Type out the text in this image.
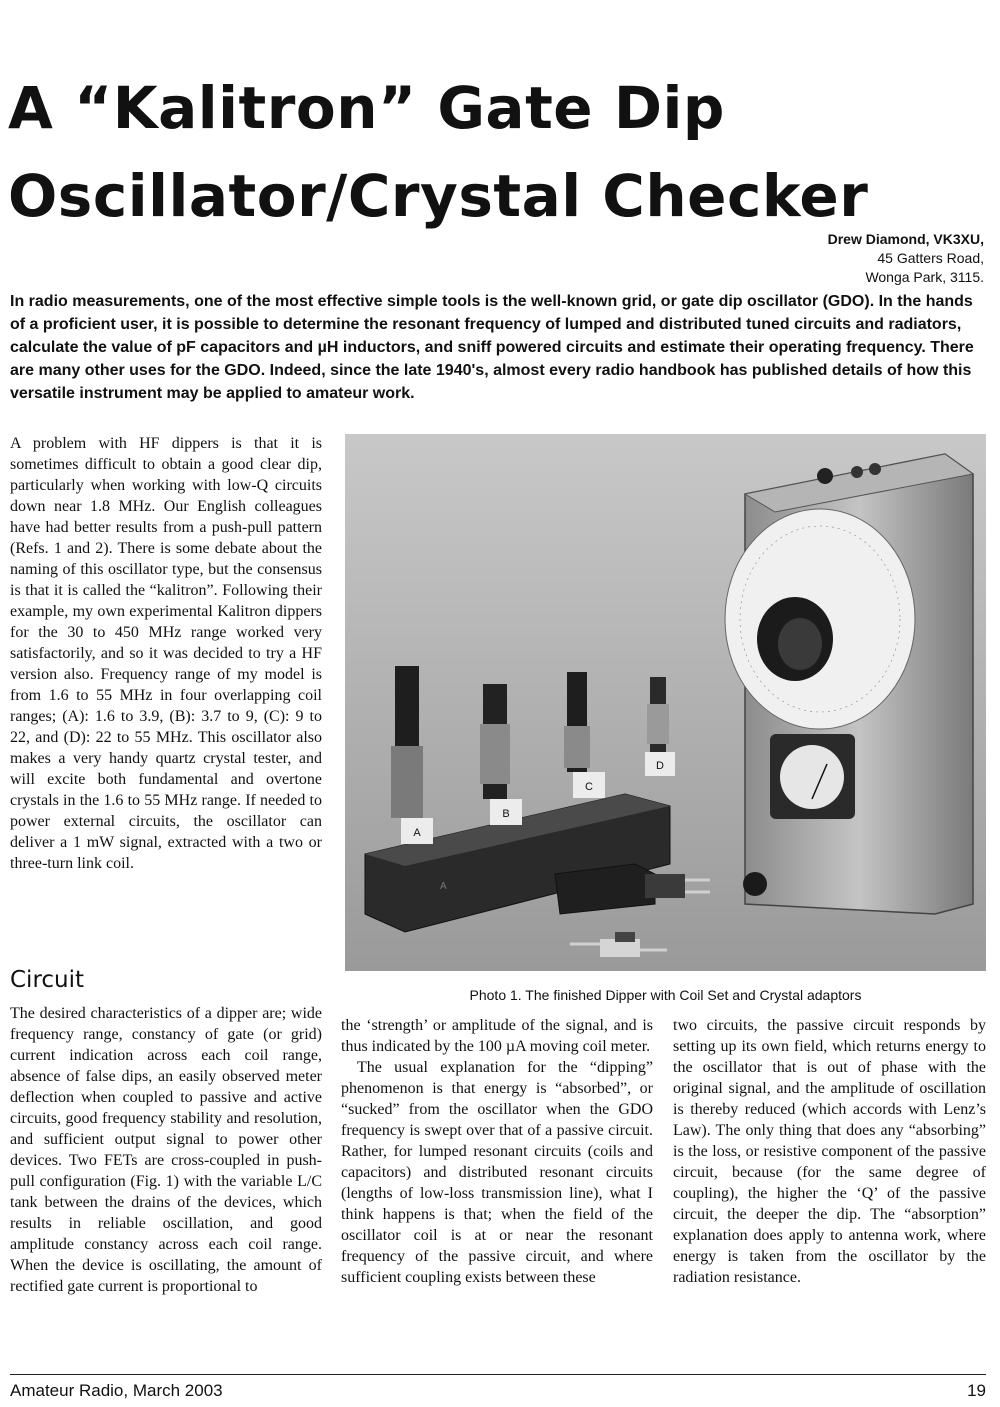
A “Kalitron” Gate Dip
Oscillator/Crystal Checker
Drew Diamond, VK3XU,
45 Gatters Road,
Wonga Park, 3115.

In radio measurements, one of the most effective simple tools is the well-known grid, or gate dip oscillator (GDO). In the hands of a proficient user, it is possible to determine the resonant frequency of lumped and distributed tuned circuits and radiators, calculate the value of pF capacitors and µH inductors, and sniff powered circuits and estimate their operating frequency. There are many other uses for the GDO. Indeed, since the late 1940's, almost every radio handbook has published details of how this versatile instrument may be applied to amateur work.

A problem with HF dippers is that it is sometimes difficult to obtain a good clear dip, particularly when working with low-Q circuits down near 1.8 MHz. Our English colleagues have had better results from a push-pull pattern (Refs. 1 and 2). There is some debate about the naming of this oscillator type, but the consensus is that it is called the “kalitron”. Following their example, my own experimental Kalitron dippers for the 30 to 450 MHz range worked very satisfactorily, and so it was decided to try a HF version also. Frequency range of my model is from 1.6 to 55 MHz in four overlapping coil ranges; (A): 1.6 to 3.9, (B): 3.7 to 9, (C): 9 to 22, and (D): 22 to 55 MHz. This oscillator also makes a very handy quartz crystal tester, and will excite both fundamental and overtone crystals in the 1.6 to 55 MHz range. If needed to power external circuits, the oscillator can deliver a 1 mW signal, extracted with a two or three-turn link coil.

Circuit

The desired characteristics of a dipper are; wide frequency range, constancy of gate (or grid) current indication across each coil range, absence of false dips, an easily observed meter deflection when coupled to passive and active circuits, good frequency stability and resolution, and sufficient output signal to power other devices. Two FETs are cross-coupled in push-pull configuration (Fig. 1) with the variable L/C tank between the drains of the devices, which results in reliable oscillation, and good amplitude constancy across each coil range. When the device is oscillating, the amount of rectified gate current is proportional to

the ‘strength’ or amplitude of the signal, and is thus indicated by the 100 µA moving coil meter.

The usual explanation for the “dipping” phenomenon is that energy is “absorbed”, or “sucked” from the oscillator when the GDO frequency is swept over that of a passive circuit. Rather, for lumped resonant circuits (coils and capacitors) and distributed resonant circuits (lengths of low-loss transmission line), what I think happens is that; when the field of the oscillator coil is at or near the resonant frequency of the passive circuit, and where sufficient coupling exists between these

two circuits, the passive circuit responds by setting up its own field, which returns energy to the oscillator that is out of phase with the original signal, and the amplitude of oscillation is thereby reduced (which accords with Lenz’s Law). The only thing that does any “absorbing” is the loss, or resistive component of the passive circuit, because (for the same degree of coupling), the higher the ‘Q’ of the passive circuit, the deeper the dip. The “absorption” explanation does apply to antenna work, where energy is taken from the oscillator by the radiation resistance.

A
B
C
D
A
Photo 1. The finished Dipper with Coil Set and Crystal adaptors
Amateur Radio, March 2003	19
